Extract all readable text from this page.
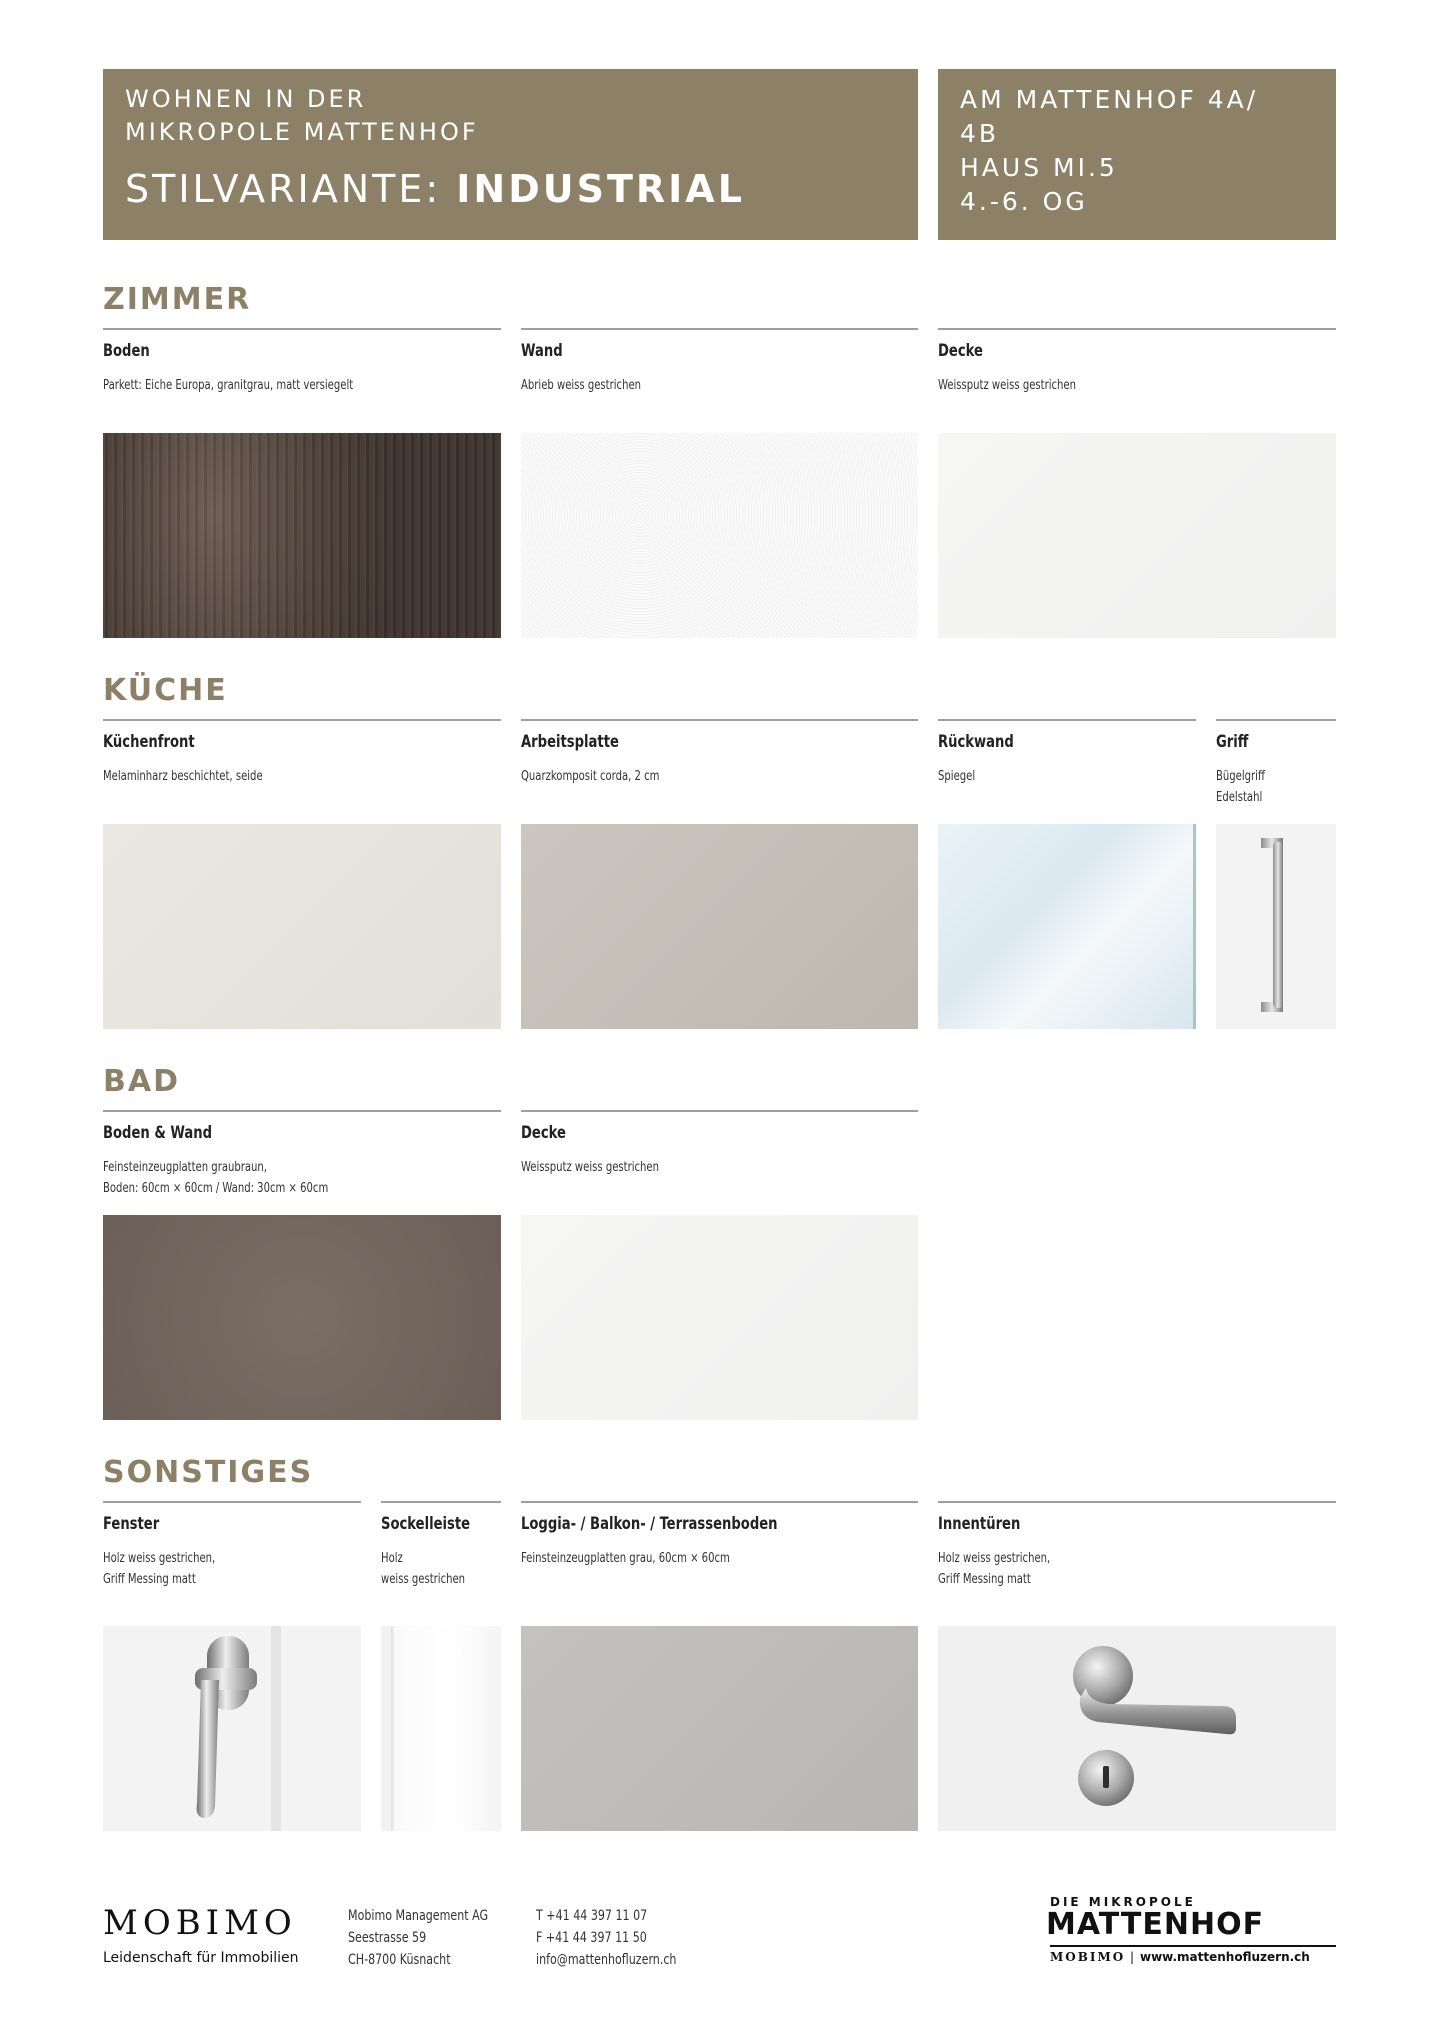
WOHNEN IN DER
MIKROPOLE MATTENHOF
STILVARIANTE: INDUSTRIAL
AM MATTENHOF 4A/
4B
HAUS MI.5
4.-6. OG
ZIMMER
Boden
Parkett: Eiche Europa, granitgrau, matt versiegelt
Wand
Abrieb weiss gestrichen
Decke
Weissputz weiss gestrichen
KÜCHE
Küchenfront
Melaminharz beschichtet, seide
Arbeitsplatte
Quarzkomposit corda, 2 cm
Rückwand
Spiegel
Griff
Bügelgriff
Edelstahl
BAD
Boden & Wand
Feinsteinzeugplatten graubraun,
Boden: 60cm × 60cm / Wand: 30cm × 60cm
Decke
Weissputz weiss gestrichen
SONSTIGES
Fenster
Holz weiss gestrichen,
Griff Messing matt
Sockelleiste
Holz
weiss gestrichen
Loggia- / Balkon- / Terrassenboden
Feinsteinzeugplatten grau, 60cm × 60cm
Innentüren
Holz weiss gestrichen,
Griff Messing matt
MOBIMO
Leidenschaft für Immobilien
Mobimo Management AG
Seestrasse 59
CH-8700 Küsnacht
T +41 44 397 11 07
F +41 44 397 11 50
info@mattenhofluzern.ch
DIE MIKROPOLE
MATTENHOF
MOBIMO | www.mattenhofluzern.ch
